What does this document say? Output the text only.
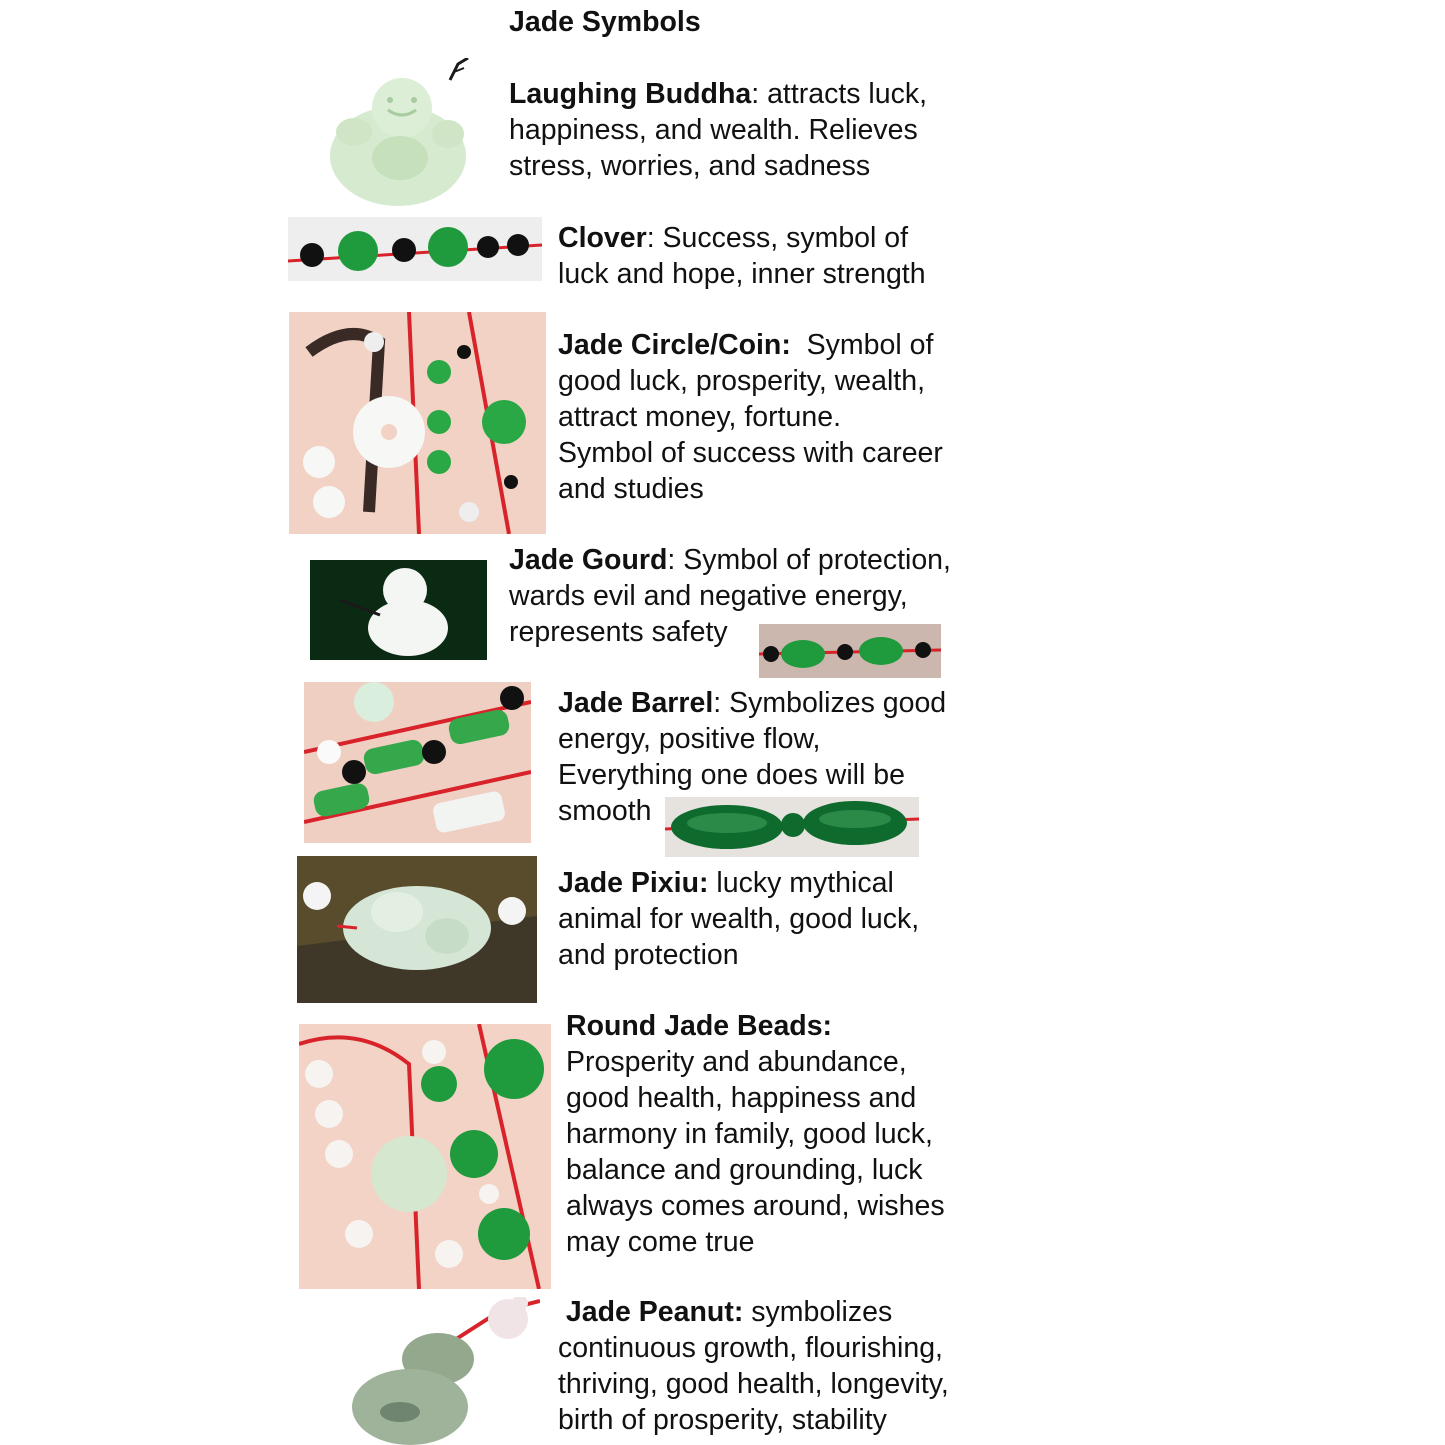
Jade Symbols
Laughing Buddha: attracts luck,
happiness, and wealth. Relieves
stress, worries, and sadness
Clover: Success, symbol of
luck and hope, inner strength
Jade Circle/Coin: Symbol of
good luck, prosperity, wealth,
attract money, fortune.
Symbol of success with career
and studies
Jade Gourd: Symbol of protection,
wards evil and negative energy,
represents safety
Jade Barrel: Symbolizes good
energy, positive flow,
Everything one does will be
smooth
Jade Pixiu: lucky mythical
animal for wealth, good luck,
and protection
Round Jade Beads:
Prosperity and abundance,
good health, happiness and
harmony in family, good luck,
balance and grounding, luck
always comes around, wishes
may come true
Jade Peanut: symbolizes
continuous growth, flourishing,
thriving, good health, longevity,
birth of prosperity, stability
